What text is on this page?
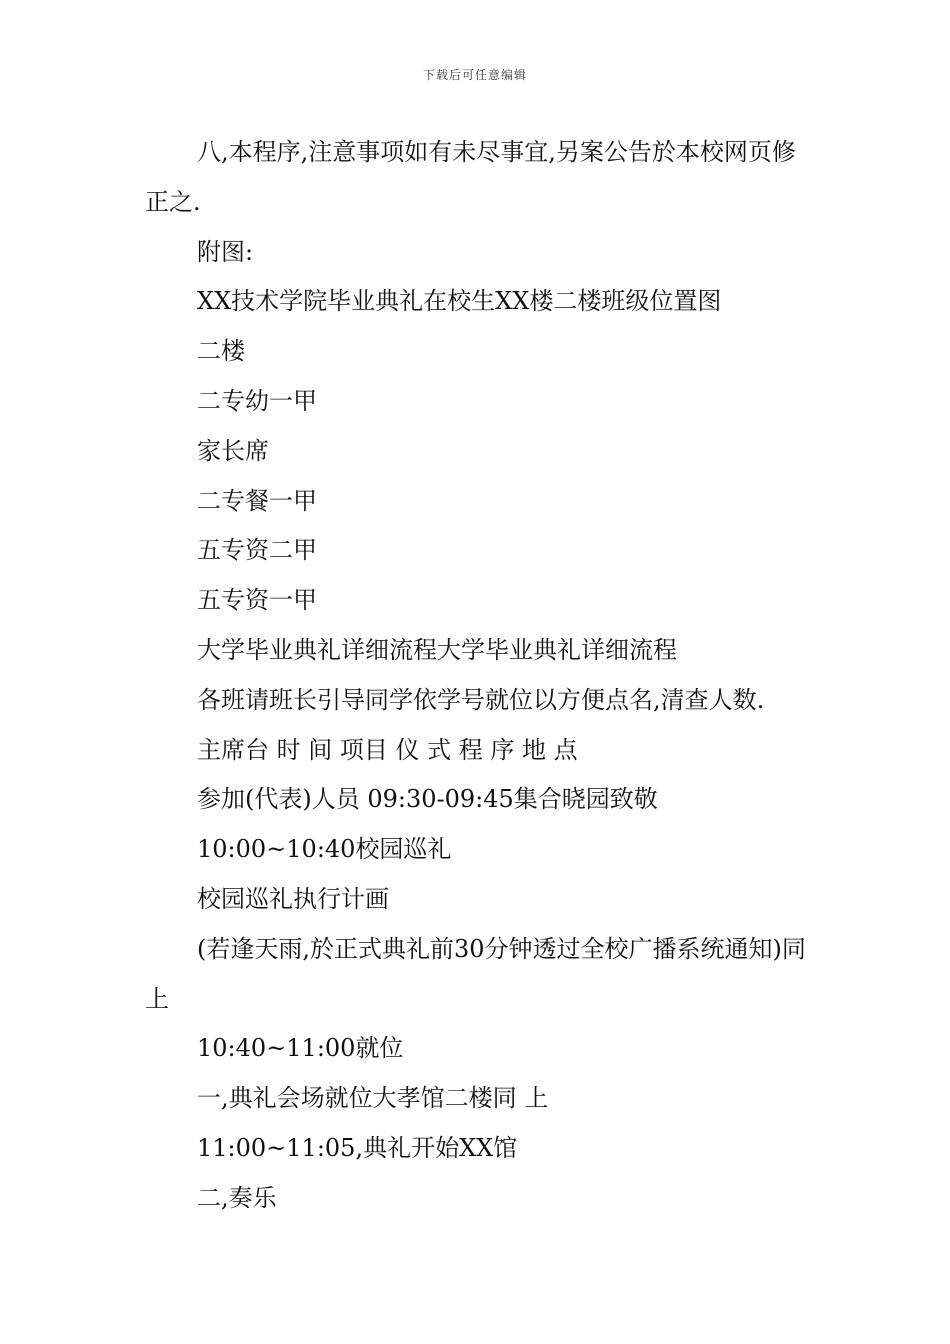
下载后可任意编辑

八,本程序,注意事项如有未尽事宜,另案公告於本校网页修正之.

附图:

XX技术学院毕业典礼在校生XX楼二楼班级位置图

二楼

二专幼一甲

家长席

二专餐一甲

五专资二甲

五专资一甲

大学毕业典礼详细流程大学毕业典礼详细流程

各班请班长引导同学依学号就位以方便点名,清查人数.

主席台 时 间 项目 仪 式 程 序 地 点

参加(代表)人员 09:30-09:45集合晓园致敬

10:00~10:40校园巡礼

校园巡礼执行计画

(若逢天雨,於正式典礼前30分钟透过全校广播系统通知)同 上

10:40~11:00就位

一,典礼会场就位大孝馆二楼同 上

11:00~11:05,典礼开始XX馆

二,奏乐
